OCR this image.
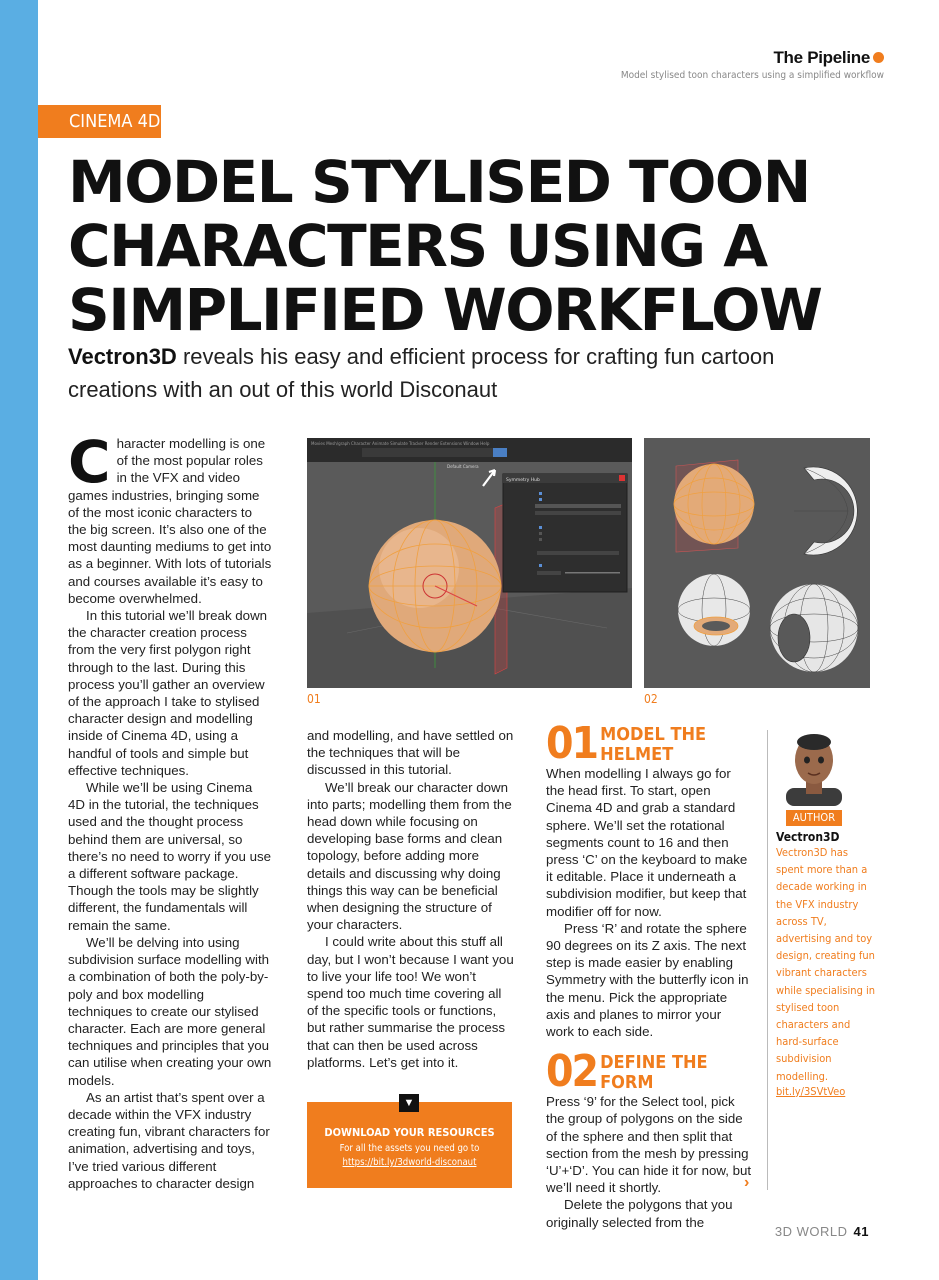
The Pipeline
Model stylised toon characters using a simplified workflow
CINEMA 4D
MODEL STYLISED TOON CHARACTERS USING A SIMPLIFIED WORKFLOW

Vectron3D reveals his easy and efficient process for crafting fun cartoon creations with an out of this world Disconaut

Character modelling is one of the most popular roles in the VFX and video games industries, bringing some of the most iconic characters to the big screen. It’s also one of the most daunting mediums to get into as a beginner. With lots of tutorials and courses available it’s easy to become overwhelmed.

In this tutorial we’ll break down the character creation process from the very first polygon right through to the last. During this process you’ll gather an overview of the approach I take to stylised character design and modelling inside of Cinema 4D, using a handful of tools and simple but effective techniques.

While we’ll be using Cinema 4D in the tutorial, the techniques used and the thought process behind them are universal, so there’s no need to worry if you use a different software package. Though the tools may be slightly different, the fundamentals will remain the same.

We’ll be delving into using subdivision surface modelling with a combination of both the poly-by-poly and box modelling techniques to create our stylised character. Each are more general techniques and principles that you can utilise when creating your own models.

As an artist that’s spent over a decade within the VFX industry creating fun, vibrant characters for animation, advertising and toys, I’ve tried various different approaches to character design

Movies Mesh/graph Character Animate Simulate Tracker Render Extensions Window Help
Default Camera
Symmetry Hub
01	02

and modelling, and have settled on the techniques that will be discussed in this tutorial.

We’ll break our character down into parts; modelling them from the head down while focusing on developing base forms and clean topology, before adding more details and discussing why doing things this way can be beneficial when designing the structure of your characters.

I could write about this stuff all day, but I won’t because I want you to live your life too! We won’t spend too much time covering all of the specific tools or functions, but rather summarise the process that can then be used across platforms. Let’s get into it.

▼
DOWNLOAD YOUR RESOURCES
For all the assets you need go to
https://bit.ly/3dworld-disconaut
01 MODEL THE HELMET

When modelling I always go for the head first. To start, open Cinema 4D and grab a standard sphere. We’ll set the rotational segments count to 16 and then press ‘C’ on the keyboard to make it editable. Place it underneath a subdivision modifier, but keep that modifier off for now.

Press ‘R’ and rotate the sphere 90 degrees on its Z axis. The next step is made easier by enabling Symmetry with the butterfly icon in the menu. Pick the appropriate axis and planes to mirror your work to each side.

02 DEFINE THE FORM

Press ‘9’ for the Select tool, pick the group of polygons on the side of the sphere and then split that section from the mesh by pressing ‘U’+‘D’. You can hide it for now, but we’ll need it shortly.

Delete the polygons that you originally selected from the

›
AUTHOR
Vectron3D
Vectron3D has spent more than a decade working in the VFX industry across TV, advertising and toy design, creating fun vibrant characters while specialising in stylised toon characters and hard-surface subdivision modelling.
bit.ly/3SVtVeo
3D WORLD 41
